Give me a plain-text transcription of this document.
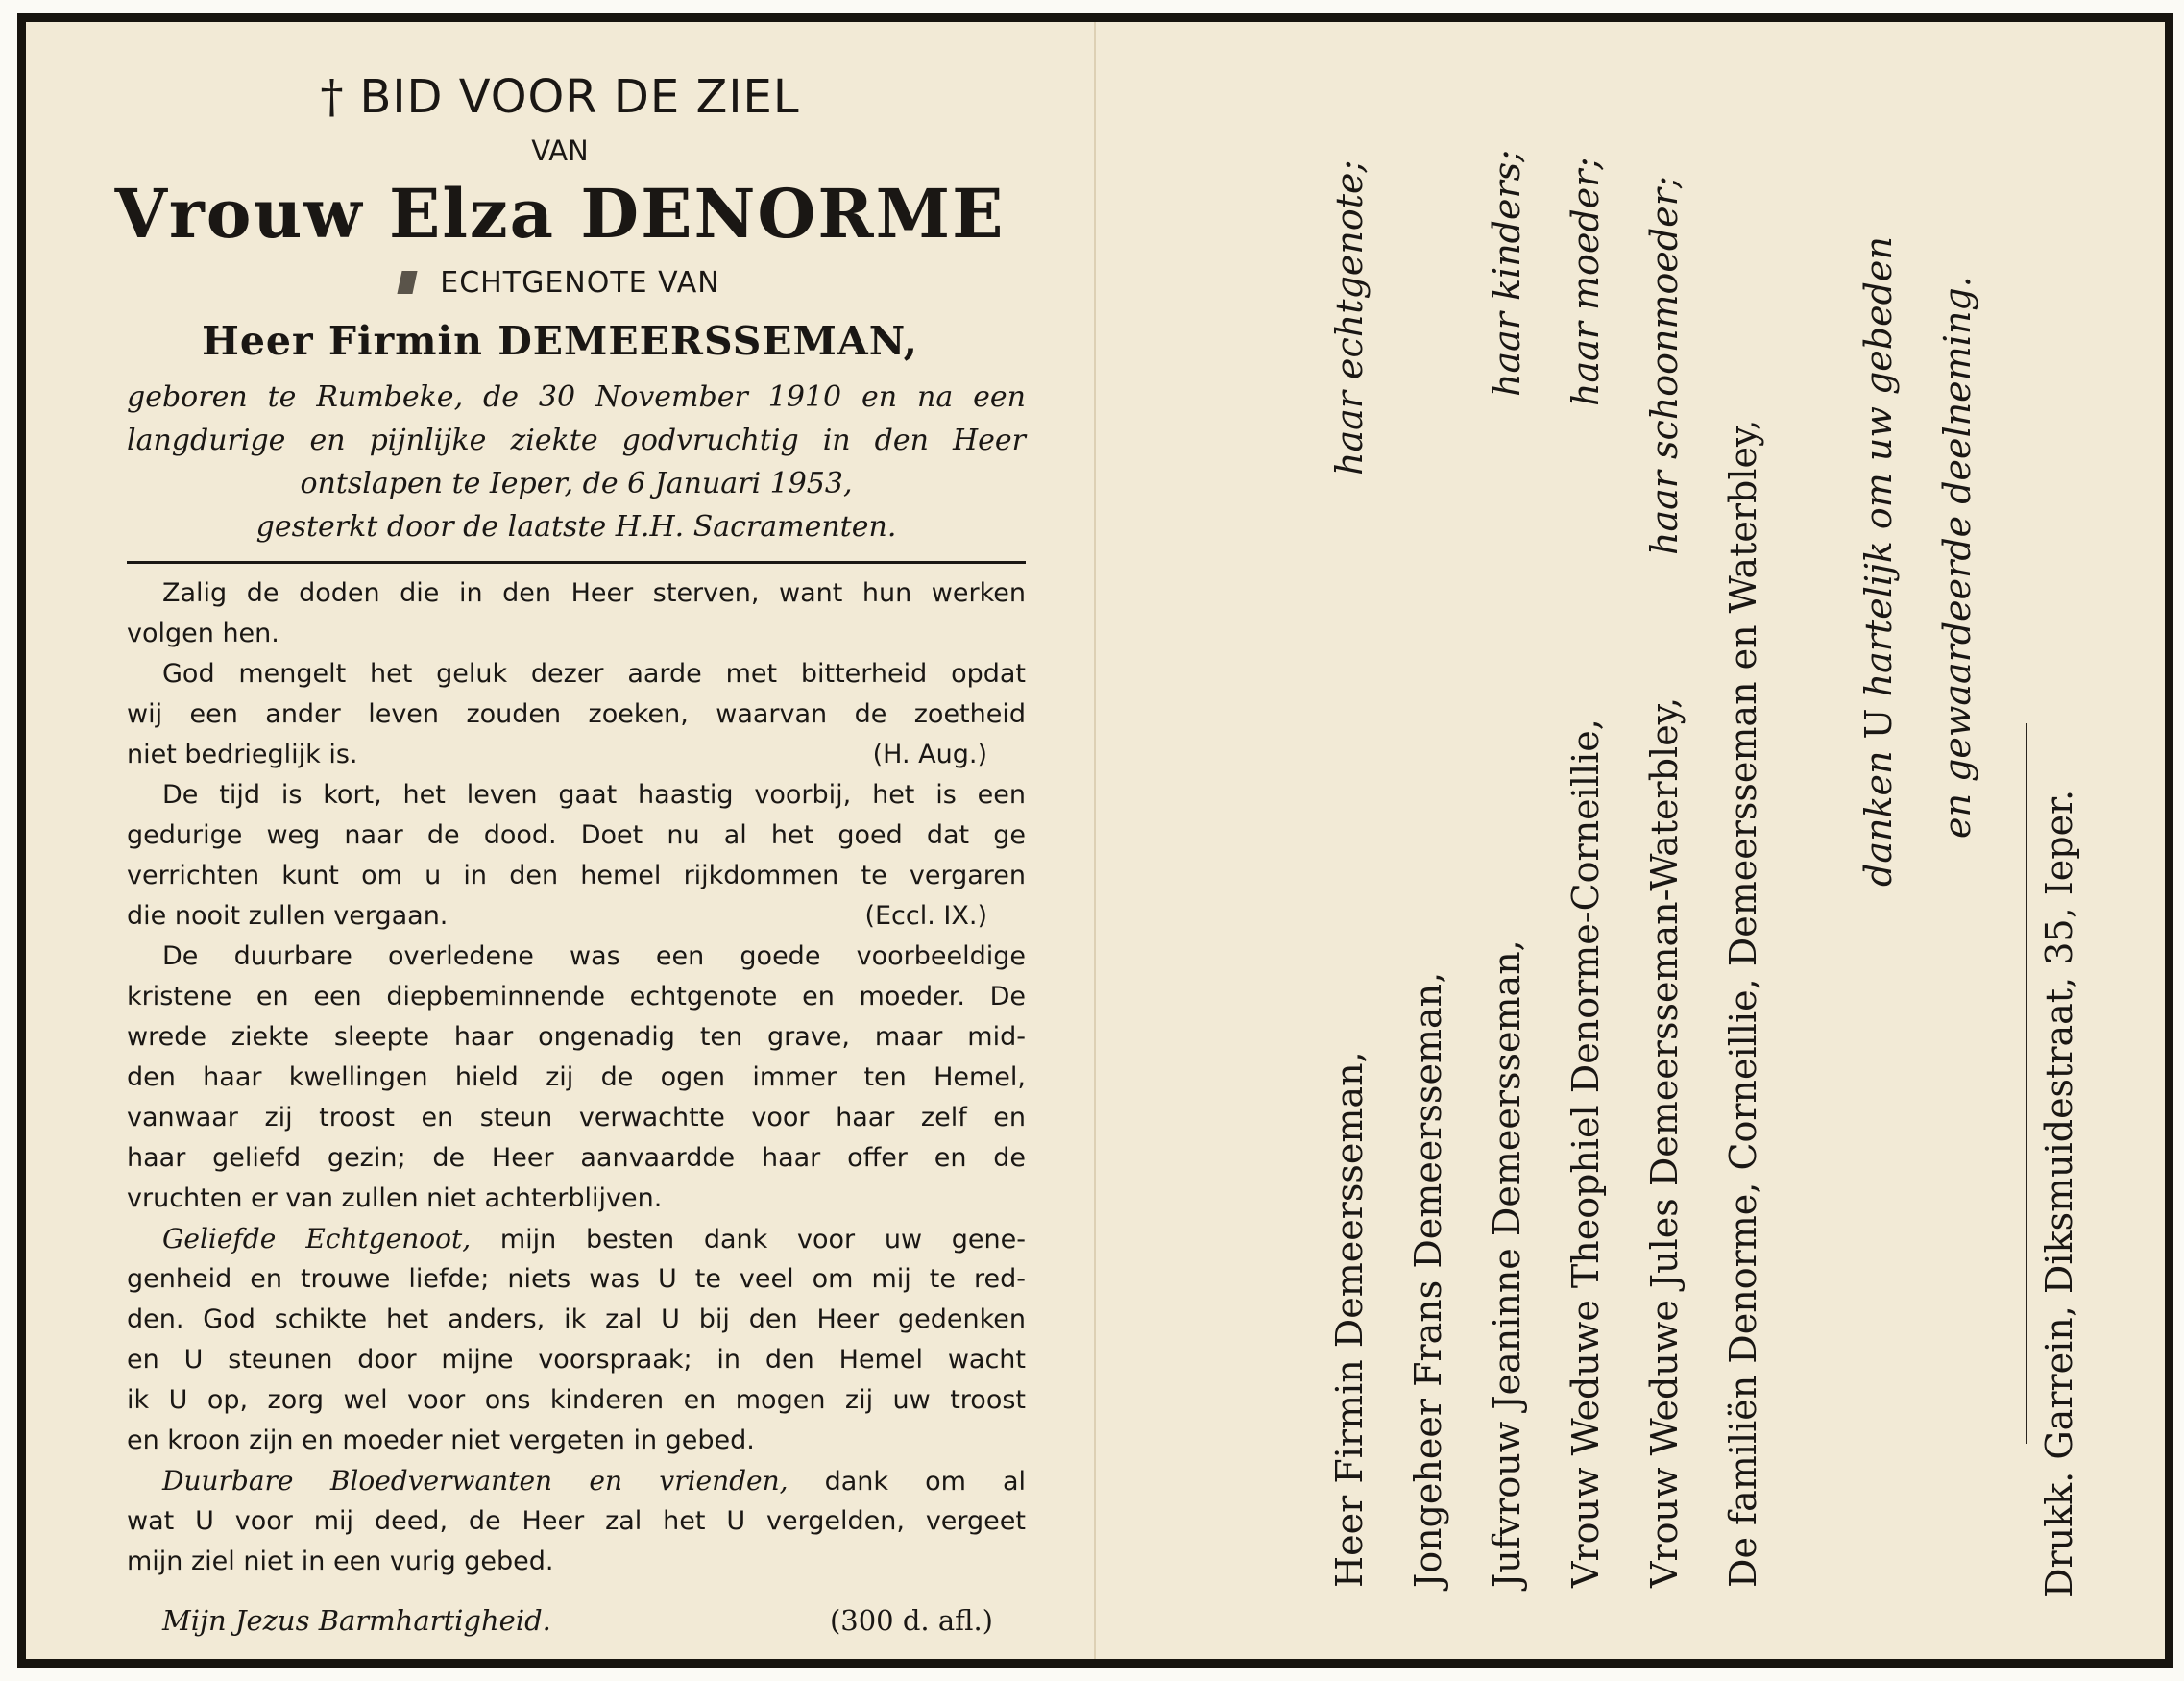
† BID VOOR DE ZIEL
VAN
Vrouw Elza DENORME
ECHTGENOTE VAN
Heer Firmin DEMEERSSEMAN,
geboren te Rumbeke, de 30 November 1910 en na een
langdurige en pijnlijke ziekte godvruchtig in den Heer
ontslapen te Ieper, de 6 Januari 1953,
gesterkt door de laatste H.H. Sacramenten.
Zalig de doden die in den Heer sterven, want hun werken
volgen hen.
God mengelt het geluk dezer aarde met bitterheid opdat
wij een ander leven zouden zoeken, waarvan de zoetheid
niet bedrieglijk is.	(H. Aug.)
De tijd is kort, het leven gaat haastig voorbij, het is een
gedurige weg naar de dood. Doet nu al het goed dat ge
verrichten kunt om u in den hemel rijkdommen te vergaren
die nooit zullen vergaan.	(Eccl. IX.)
De duurbare overledene was een goede voorbeeldige
kristene en een diepbeminnende echtgenote en moeder. De
wrede ziekte sleepte haar ongenadig ten grave, maar mid-
den haar kwellingen hield zij de ogen immer ten Hemel,
vanwaar zij troost en steun verwachtte voor haar zelf en
haar geliefd gezin; de Heer aanvaardde haar offer en de
vruchten er van zullen niet achterblijven.
Geliefde Echtgenoot, mijn besten dank voor uw gene-
genheid en trouwe liefde; niets was U te veel om mij te red-
den. God schikte het anders, ik zal U bij den Heer gedenken
en U steunen door mijne voorspraak; in den Hemel wacht
ik U op, zorg wel voor ons kinderen en mogen zij uw troost
en kroon zijn en moeder niet vergeten in gebed.
Duurbare Bloedverwanten en vrienden, dank om al
wat U voor mij deed, de Heer zal het U vergelden, vergeet
mijn ziel niet in een vurig gebed.
Mijn Jezus Barmhartigheid.	(300 d. afl.)
Heer Firmin Demeersseman, Jongeheer Frans Demeersseman, Jufvrouw Jeaninne Demeersseman, Vrouw Weduwe Theophiel Denorme-Corneillie, Vrouw Weduwe Jules Demeersseman-Waterbley, De familiën Denorme, Corneillie, Demeersseman en Waterbley,
haar echtgenote;	haar kinders; haar moeder; haar schoonmoeder;
danken U hartelijk om uw gebeden en gewaardeerde deelneming.
Drukk. Garrein, Diksmuidestraat, 35, Ieper.
